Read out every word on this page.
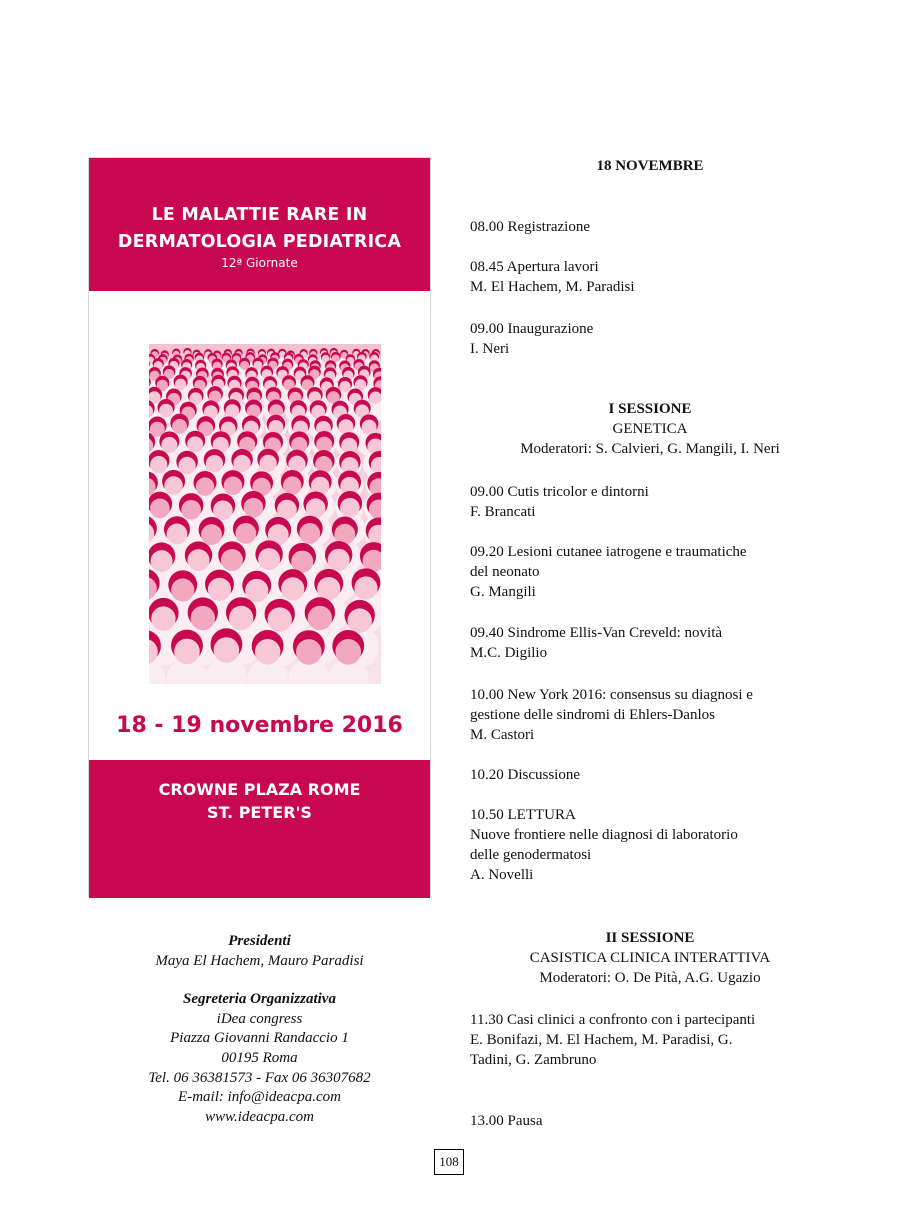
LE MALATTIE RARE IN
DERMATOLOGIA PEDIATRICA
12ª Giornate
18 - 19 novembre 2016
CROWNE PLAZA ROME
ST. PETER'S
Presidenti
Maya El Hachem, Mauro Paradisi
Segreteria Organizzativa
iDea congress
Piazza Giovanni Randaccio 1
00195 Roma
Tel. 06 36381573 - Fax 06 36307682
E-mail: info@ideacpa.com
www.ideacpa.com
18 NOVEMBRE
08.00 Registrazione
08.45 Apertura lavori
M. El Hachem, M. Paradisi
09.00 Inaugurazione
I. Neri
I SESSIONE
GENETICA
Moderatori: S. Calvieri, G. Mangili, I. Neri
09.00 Cutis tricolor e dintorni
F. Brancati
09.20 Lesioni cutanee iatrogene e traumatiche
del neonato
G. Mangili
09.40 Sindrome Ellis-Van Creveld: novità
M.C. Digilio
10.00 New York 2016: consensus su diagnosi e
gestione delle sindromi di Ehlers-Danlos
M. Castori
10.20 Discussione
10.50 LETTURA
Nuove frontiere nelle diagnosi di laboratorio
delle genodermatosi
A. Novelli
II SESSIONE
CASISTICA CLINICA INTERATTIVA
Moderatori: O. De Pità, A.G. Ugazio
11.30 Casi clinici a confronto con i partecipanti
E. Bonifazi, M. El Hachem, M. Paradisi, G.
Tadini, G. Zambruno
13.00 Pausa
108
